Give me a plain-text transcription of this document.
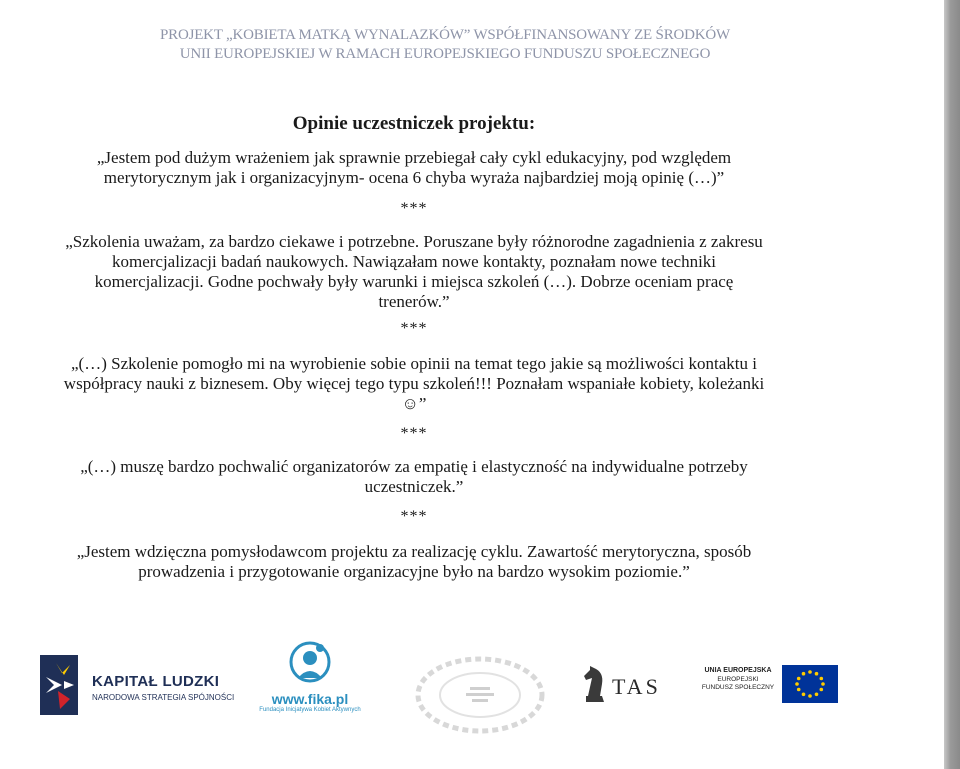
PROJEKT „KOBIETA MATKĄ WYNALAZKÓW” WSPÓŁFINANSOWANY ZE ŚRODKÓW
UNII EUROPEJSKIEJ W RAMACH EUROPEJSKIEGO FUNDUSZU SPOŁECZNEGO
Opinie uczestniczek projektu:
„Jestem pod dużym wrażeniem jak sprawnie przebiegał cały cykl edukacyjny, pod względem
merytorycznym jak i organizacyjnym- ocena 6 chyba wyraża najbardziej moją opinię (…)”
***
„Szkolenia uważam, za bardzo ciekawe i potrzebne. Poruszane były różnorodne zagadnienia z zakresu
komercjalizacji badań naukowych. Nawiązałam nowe kontakty, poznałam nowe techniki
komercjalizacji. Godne pochwały były warunki i miejsca szkoleń (…). Dobrze oceniam pracę
trenerów.”
***
„(…) Szkolenie pomogło mi na wyrobienie sobie opinii na temat tego jakie są możliwości kontaktu i
współpracy nauki z biznesem. Oby więcej tego typu szkoleń!!! Poznałam wspaniałe kobiety, koleżanki
☺”
***
„(…) muszę bardzo pochwalić organizatorów za empatię i elastyczność na indywidualne potrzeby
uczestniczek.”
***
„Jestem wdzięczna pomysłodawcom projektu za realizację cyklu. Zawartość merytoryczna, sposób
prowadzenia i przygotowanie organizacyjne było na bardzo wysokim poziomie.”
KAPITAŁ LUDZKI
NARODOWA STRATEGIA SPÓJNOŚCI	www.fika.pl
Fundacja Inicjatywa Kobiet Aktywnych
TAS
UNIA EUROPEJSKA
EUROPEJSKI
FUNDUSZ SPOŁECZNY
